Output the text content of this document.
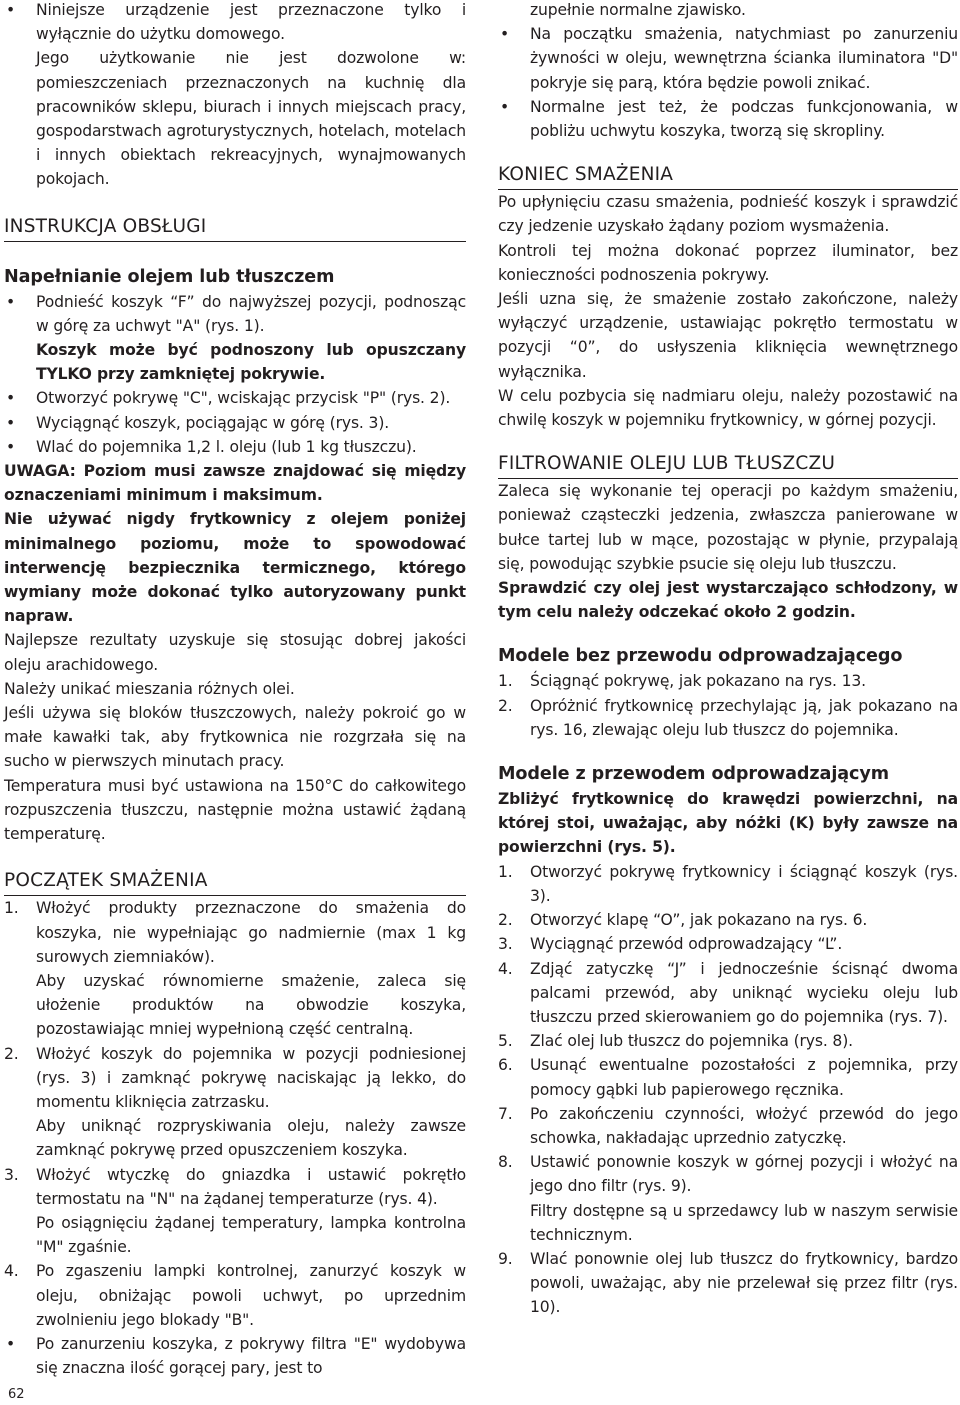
• Niniejsze urządzenie jest przeznaczone tylko i wyłącznie do użytku domowego.
Jego użytkowanie nie jest dozwolone w: pomieszczeniach przeznaczonych na kuchnię dla pracowników sklepu, biurach i innych miejscach pracy, gospodarstwach agroturystycznych, hotelach, motelach i innych obiektach rekreacyjnych, wynajmowanych pokojach.
INSTRUKCJA OBSŁUGI
Napełnianie olejem lub tłuszczem
• Podnieść koszyk “F” do najwyższej pozycji, podnosząc w górę za uchwyt "A" (rys. 1).
Koszyk może być podnoszony lub opuszczany TYLKO przy zamkniętej pokrywie.
• Otworzyć pokrywę "C", wciskając przycisk "P" (rys. 2).
• Wyciągnąć koszyk, pociągając w górę (rys. 3).
• Wlać do pojemnika 1,2 l. oleju (lub 1 kg tłuszczu).

UWAGA: Poziom musi zawsze znajdować się między oznaczeniami minimum i maksimum.

Nie używać nigdy frytkownicy z olejem poniżej minimalnego poziomu, może to spowodować interwencję bezpiecznika termicznego, którego wymiany może dokonać tylko autoryzowany punkt napraw.

Najlepsze rezultaty uzyskuje się stosując dobrej jakości oleju arachidowego.

Należy unikać mieszania różnych olei.

Jeśli używa się bloków tłuszczowych, należy pokroić go w małe kawałki tak, aby frytkownica nie rozgrzała się na sucho w pierwszych minutach pracy.

Temperatura musi być ustawiona na 150°C do całkowitego rozpuszczenia tłuszczu, następnie można ustawić żądaną temperaturę.

POCZĄTEK SMAŻENIA
1. Włożyć produkty przeznaczone do smażenia do koszyka, nie wypełniając go nadmiernie (max 1 kg surowych ziemniaków).
Aby uzyskać równomierne smażenie, zaleca się ułożenie produktów na obwodzie koszyka, pozostawiając mniej wypełnioną część centralną.
2. Włożyć koszyk do pojemnika w pozycji podniesionej (rys. 3) i zamknąć pokrywę naciskając ją lekko, do momentu kliknięcia zatrzasku.
Aby uniknąć rozpryskiwania oleju, należy zawsze zamknąć pokrywę przed opuszczeniem koszyka.
3. Włożyć wtyczkę do gniazdka i ustawić pokrętło termostatu na "N" na żądanej temperaturze (rys. 4).
Po osiągnięciu żądanej temperatury, lampka kontrolna "M" zgaśnie.
4. Po zgaszeniu lampki kontrolnej, zanurzyć koszyk w oleju, obniżając powoli uchwyt, po uprzednim zwolnieniu jego blokady "B".
• Po zanurzeniu koszyka, z pokrywy filtra "E" wydobywa się znaczna ilość gorącej pary, jest to
zupełnie normalne zjawisko.
• Na początku smażenia, natychmiast po zanurzeniu żywności w oleju, wewnętrzna ścianka iluminatora "D" pokryje się parą, która będzie powoli znikać.
• Normalne jest też, że podczas funkcjonowania, w pobliżu uchwytu koszyka, tworzą się skropliny.
KONIEC SMAŻENIA

Po upłynięciu czasu smażenia, podnieść koszyk i sprawdzić czy jedzenie uzyskało żądany poziom wysmażenia.

Kontroli tej można dokonać poprzez iluminator, bez konieczności podnoszenia pokrywy.

Jeśli uzna się, że smażenie zostało zakończone, należy wyłączyć urządzenie, ustawiając pokrętło termostatu w pozycji “0”, do usłyszenia kliknięcia wewnętrznego wyłącznika.

W celu pozbycia się nadmiaru oleju, należy pozostawić na chwilę koszyk w pojemniku frytkownicy, w górnej pozycji.

FILTROWANIE OLEJU LUB TŁUSZCZU

Zaleca się wykonanie tej operacji po każdym smażeniu, ponieważ cząsteczki jedzenia, zwłaszcza panierowane w bułce tartej lub w mące, pozostając w płynie, przypalają się, powodując szybkie psucie się oleju lub tłuszczu.

Sprawdzić czy olej jest wystarczająco schłodzony, w tym celu należy odczekać około 2 godzin.

Modele bez przewodu odprowadzającego
1. Ściągnąć pokrywę, jak pokazano na rys. 13.
2. Opróżnić frytkownicę przechylając ją, jak pokazano na rys. 16, zlewając oleju lub tłuszcz do pojemnika.
Modele z przewodem odprowadzającym

Zbliżyć frytkownicę do krawędzi powierzchni, na której stoi, uważając, aby nóżki (K) były zawsze na powierzchni (rys. 5).

1. Otworzyć pokrywę frytkownicy i ściągnąć koszyk (rys. 3).
2. Otworzyć klapę “O”, jak pokazano na rys. 6.
3. Wyciągnąć przewód odprowadzający “L”.
4. Zdjąć zatyczkę “J” i jednocześnie ścisnąć dwoma palcami przewód, aby uniknąć wycieku oleju lub tłuszczu przed skierowaniem go do pojemnika (rys. 7).
5. Zlać olej lub tłuszcz do pojemnika (rys. 8).
6. Usunąć ewentualne pozostałości z pojemnika, przy pomocy gąbki lub papierowego ręcznika.
7. Po zakończeniu czynności, włożyć przewód do jego schowka, nakładając uprzednio zatyczkę.
8. Ustawić ponownie koszyk w górnej pozycji i włożyć na jego dno filtr (rys. 9).
Filtry dostępne są u sprzedawcy lub w naszym serwisie technicznym.
9. Wlać ponownie olej lub tłuszcz do frytkownicy, bardzo powoli, uważając, aby nie przelewał się przez filtr (rys. 10).
62
